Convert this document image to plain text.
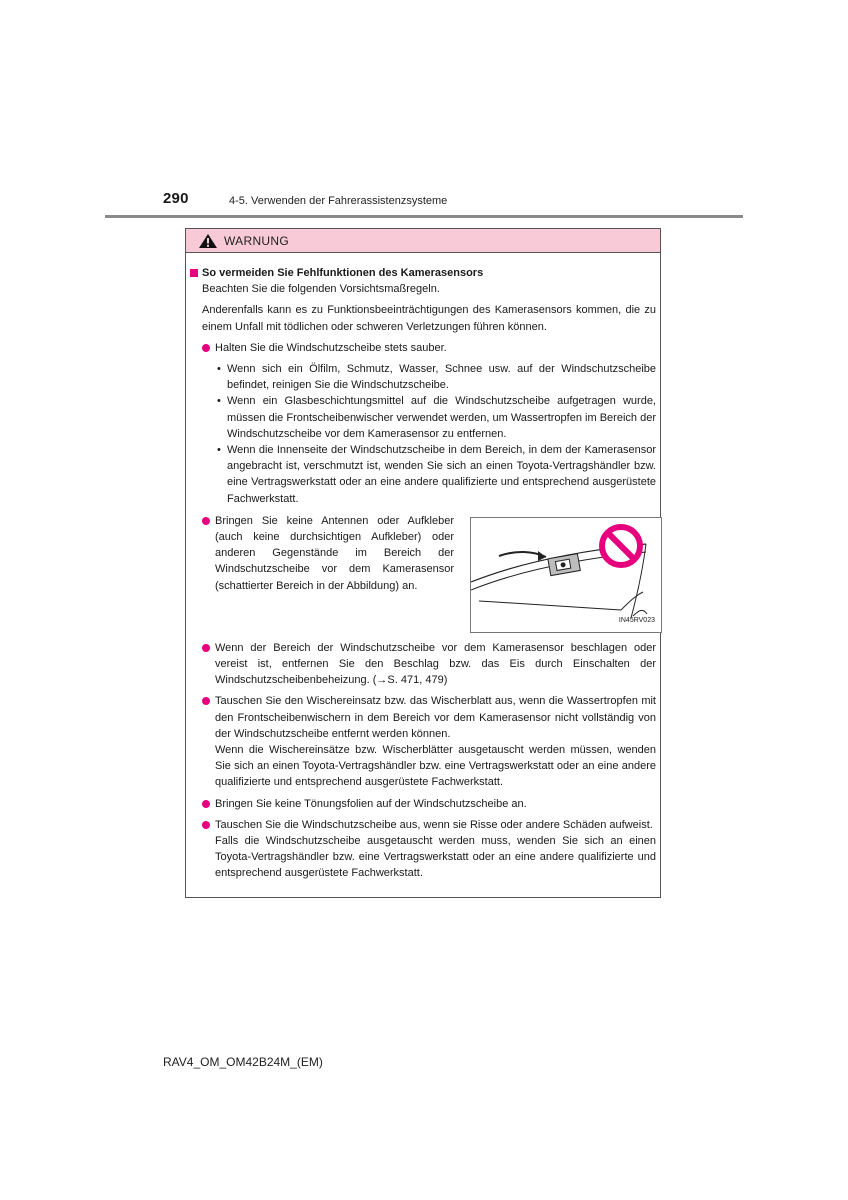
290	4-5. Verwenden der Fahrerassistenzsysteme
WARNUNG
So vermeiden Sie Fehlfunktionen des Kamerasensors
Beachten Sie die folgenden Vorsichtsmaßregeln.
Anderenfalls kann es zu Funktionsbeeinträchtigungen des Kamerasensors kommen, die zu einem Unfall mit tödlichen oder schweren Verletzungen führen können.
Halten Sie die Windschutzscheibe stets sauber.
• Wenn sich ein Ölfilm, Schmutz, Wasser, Schnee usw. auf der Windschutzscheibe befindet, reinigen Sie die Windschutzscheibe.
• Wenn ein Glasbeschichtungsmittel auf die Windschutzscheibe aufgetragen wurde, müssen die Frontscheibenwischer verwendet werden, um Wassertropfen im Bereich der Windschutzscheibe vor dem Kamerasensor zu entfernen.
• Wenn die Innenseite der Windschutzscheibe in dem Bereich, in dem der Kamerasensor angebracht ist, verschmutzt ist, wenden Sie sich an einen Toyota-Vertragshändler bzw. eine Vertragswerkstatt oder an eine andere qualifizierte und entsprechend ausgerüstete Fachwerkstatt.
Bringen Sie keine Antennen oder Aufkleber (auch keine durchsichtigen Aufkleber) oder anderen Gegenstände im Bereich der Windschutzscheibe vor dem Kamerasensor (schattierter Bereich in der Abbildung) an.
IN45RV023
Wenn der Bereich der Windschutzscheibe vor dem Kamerasensor beschlagen oder vereist ist, entfernen Sie den Beschlag bzw. das Eis durch Einschalten der Windschutzscheibenbeheizung. (→S. 471, 479)
Tauschen Sie den Wischereinsatz bzw. das Wischerblatt aus, wenn die Wassertropfen mit den Frontscheibenwischern in dem Bereich vor dem Kamerasensor nicht vollständig von der Windschutzscheibe entfernt werden können.
Wenn die Wischereinsätze bzw. Wischerblätter ausgetauscht werden müssen, wenden Sie sich an einen Toyota-Vertragshändler bzw. eine Vertragswerkstatt oder an eine andere qualifizierte und entsprechend ausgerüstete Fachwerkstatt.
Bringen Sie keine Tönungsfolien auf der Windschutzscheibe an.
Tauschen Sie die Windschutzscheibe aus, wenn sie Risse oder andere Schäden aufweist.
Falls die Windschutzscheibe ausgetauscht werden muss, wenden Sie sich an einen Toyota-Vertragshändler bzw. eine Vertragswerkstatt oder an eine andere qualifizierte und entsprechend ausgerüstete Fachwerkstatt.
RAV4_OM_OM42B24M_(EM)
